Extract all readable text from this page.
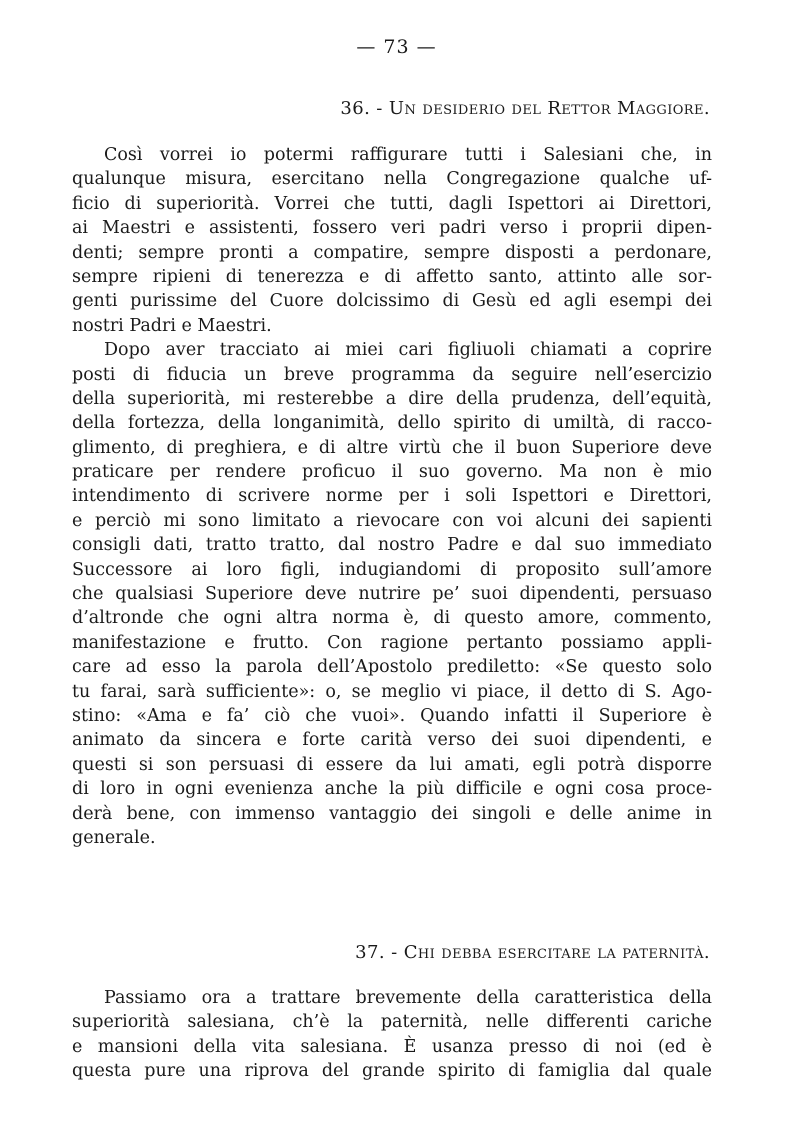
— 73 —
36. - Un desiderio del Rettor Maggiore.
Così vorrei io potermi raffigurare tutti i Salesiani che, in
qualunque misura, esercitano nella Congregazione qualche uf-
ficio di superiorità. Vorrei che tutti, dagli Ispettori ai Direttori,
ai Maestri e assistenti, fossero veri padri verso i proprii dipen-
denti; sempre pronti a compatire, sempre disposti a perdonare,
sempre ripieni di tenerezza e di affetto santo, attinto alle sor-
genti purissime del Cuore dolcissimo di Gesù ed agli esempi dei
nostri Padri e Maestri.
Dopo aver tracciato ai miei cari figliuoli chiamati a coprire
posti di fiducia un breve programma da seguire nell’esercizio
della superiorità, mi resterebbe a dire della prudenza, dell’equità,
della fortezza, della longanimità, dello spirito di umiltà, di racco-
glimento, di preghiera, e di altre virtù che il buon Superiore deve
praticare per rendere proficuo il suo governo. Ma non è mio
intendimento di scrivere norme per i soli Ispettori e Direttori,
e perciò mi sono limitato a rievocare con voi alcuni dei sapienti
consigli dati, tratto tratto, dal nostro Padre e dal suo immediato
Successore ai loro figli, indugiandomi di proposito sull’amore
che qualsiasi Superiore deve nutrire pe’ suoi dipendenti, persuaso
d’altronde che ogni altra norma è, di questo amore, commento,
manifestazione e frutto. Con ragione pertanto possiamo appli-
care ad esso la parola dell’Apostolo prediletto: «Se questo solo
tu farai, sarà sufficiente»: o, se meglio vi piace, il detto di S. Ago-
stino: «Ama e fa’ ciò che vuoi». Quando infatti il Superiore è
animato da sincera e forte carità verso dei suoi dipendenti, e
questi si son persuasi di essere da lui amati, egli potrà disporre
di loro in ogni evenienza anche la più difficile e ogni cosa proce-
derà bene, con immenso vantaggio dei singoli e delle anime in
generale.
37. - Chi debba esercitare la paternità.
Passiamo ora a trattare brevemente della caratteristica della
superiorità salesiana, ch’è la paternità, nelle differenti cariche
e mansioni della vita salesiana. È usanza presso di noi (ed è
questa pure una riprova del grande spirito di famiglia dal quale
